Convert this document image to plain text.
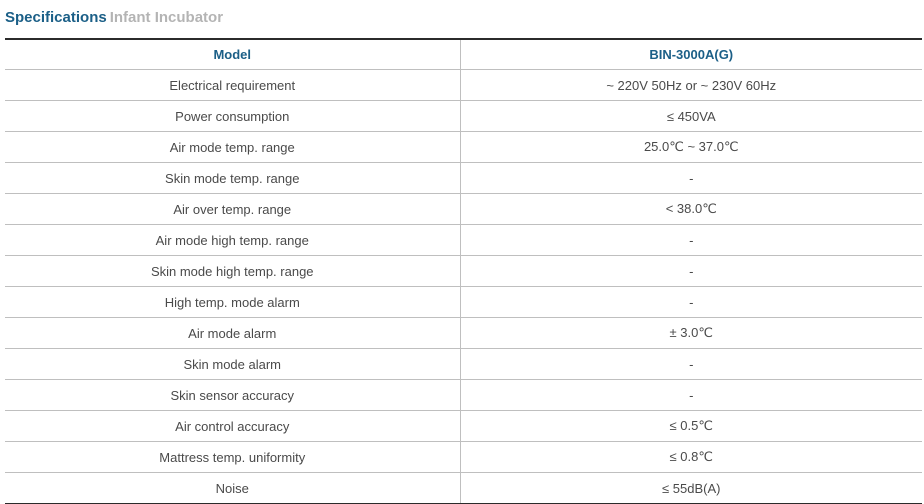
Specifications Infant Incubator
Model	BIN-3000A(G)
Electrical requirement	~ 220V 50Hz or ~ 230V 60Hz
Power consumption	≤ 450VA
Air mode temp. range	25.0℃ ~ 37.0℃
Skin mode temp. range	-
Air over temp. range	< 38.0℃
Air mode high temp. range	-
Skin mode high temp. range	-
High temp. mode alarm	-
Air mode alarm	± 3.0℃
Skin mode alarm	-
Skin sensor accuracy	-
Air control accuracy	≤ 0.5℃
Mattress temp. uniformity	≤ 0.8℃
Noise	≤ 55dB(A)
